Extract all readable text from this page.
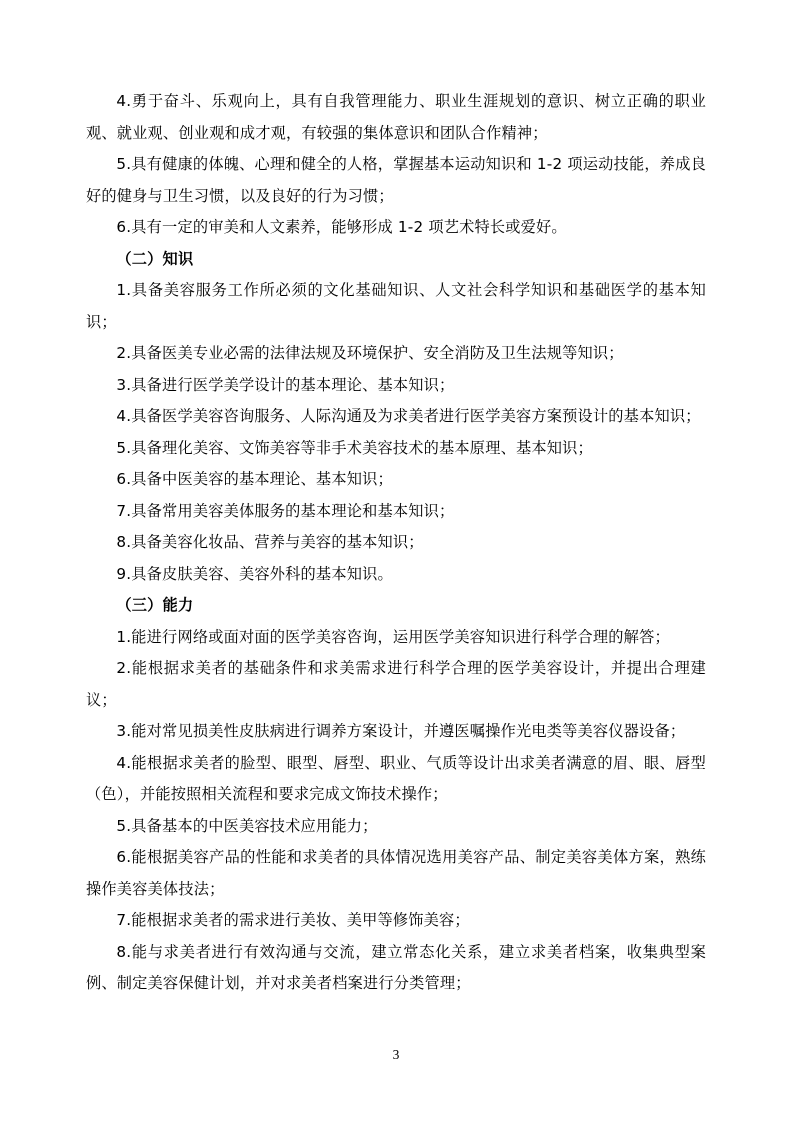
4.勇于奋斗、乐观向上，具有自我管理能力、职业生涯规划的意识、树立正确的职业观、就业观、创业观和成才观，有较强的集体意识和团队合作精神；

5.具有健康的体魄、心理和健全的人格，掌握基本运动知识和 1-2 项运动技能，养成良好的健身与卫生习惯，以及良好的行为习惯；

6.具有一定的审美和人文素养，能够形成 1-2 项艺术特长或爱好。

（二）知识

1.具备美容服务工作所必须的文化基础知识、人文社会科学知识和基础医学的基本知识；

2.具备医美专业必需的法律法规及环境保护、安全消防及卫生法规等知识；

3.具备进行医学美学设计的基本理论、基本知识；

4.具备医学美容咨询服务、人际沟通及为求美者进行医学美容方案预设计的基本知识；

5.具备理化美容、文饰美容等非手术美容技术的基本原理、基本知识；

6.具备中医美容的基本理论、基本知识；

7.具备常用美容美体服务的基本理论和基本知识；

8.具备美容化妆品、营养与美容的基本知识；

9.具备皮肤美容、美容外科的基本知识。

（三）能力

1.能进行网络或面对面的医学美容咨询，运用医学美容知识进行科学合理的解答；

2.能根据求美者的基础条件和求美需求进行科学合理的医学美容设计，并提出合理建议；

3.能对常见损美性皮肤病进行调养方案设计，并遵医嘱操作光电类等美容仪器设备；

4.能根据求美者的脸型、眼型、唇型、职业、气质等设计出求美者满意的眉、眼、唇型（色），并能按照相关流程和要求完成文饰技术操作；

5.具备基本的中医美容技术应用能力；

6.能根据美容产品的性能和求美者的具体情况选用美容产品、制定美容美体方案，熟练操作美容美体技法；

7.能根据求美者的需求进行美妆、美甲等修饰美容；

8.能与求美者进行有效沟通与交流，建立常态化关系，建立求美者档案，收集典型案例、制定美容保健计划，并对求美者档案进行分类管理；

3
